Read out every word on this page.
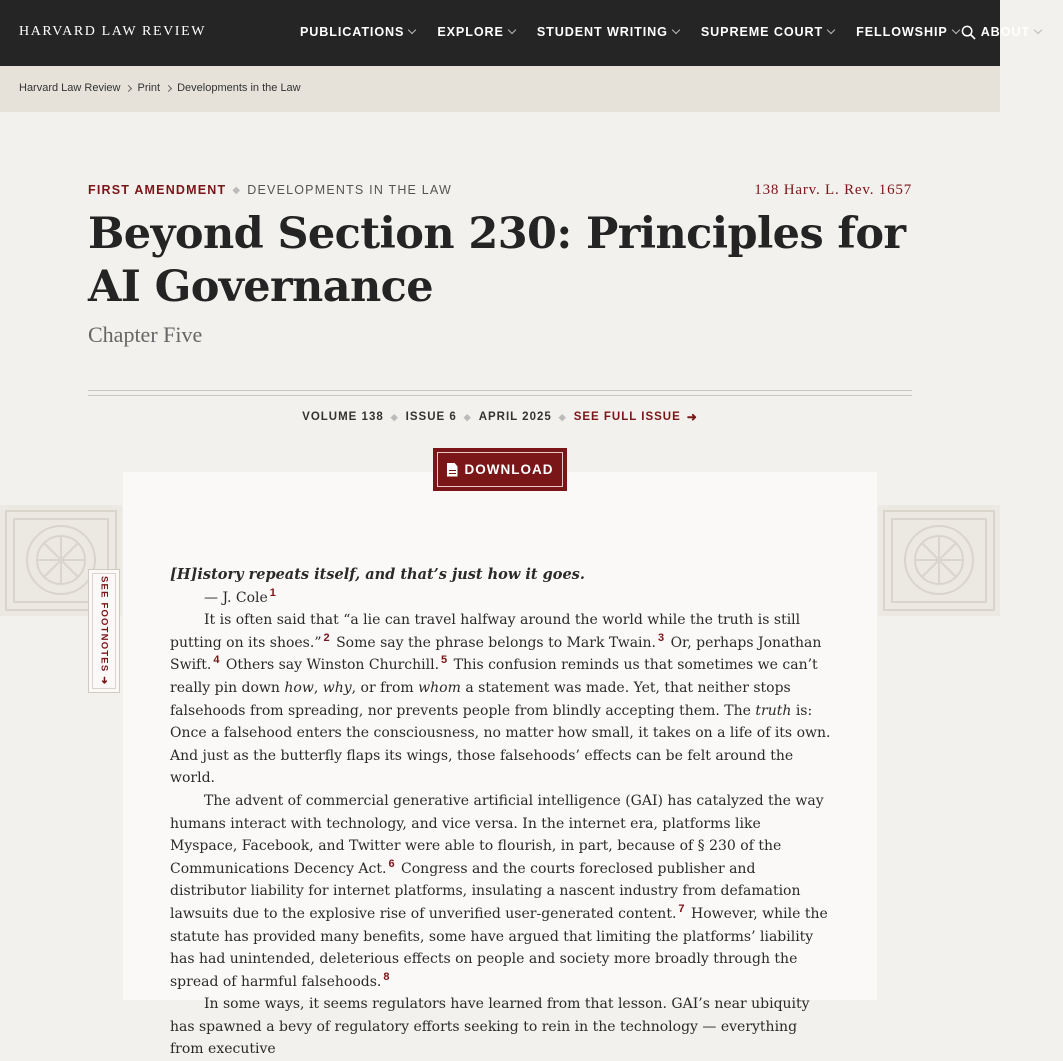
HARVARD LAW REVIEW	PUBLICATIONS	EXPLORE	STUDENT WRITING	SUPREME COURT	FELLOWSHIP	ABOUT
Harvard Law Review Print Developments in the Law
FIRST AMENDMENT ◆ DEVELOPMENTS IN THE LAW	138 Harv. L. Rev. 1657
Beyond Section 230: Principles for AI Governance
Chapter Five
VOLUME 138 ◆ ISSUE 6 ◆ APRIL 2025 ◆ SEE FULL ISSUE ➜
DOWNLOAD
SEE FOOTNOTES ➜
[H]istory repeats itself, and that’s just how it goes.
— J. Cole $^1$

It is often said that “a lie can travel halfway around the world while the truth is still putting on its shoes.” $^2$ Some say the phrase belongs to Mark Twain. $^3$ Or, perhaps Jonathan Swift. $^4$ Others say Winston Churchill. $^5$ This confusion reminds us that sometimes we can’t really pin down how, why, or from whom a statement was made. Yet, that neither stops falsehoods from spreading, nor prevents people from blindly accepting them. The truth is: Once a falsehood enters the consciousness, no matter how small, it takes on a life of its own. And just as the butterfly flaps its wings, those falsehoods’ effects can be felt around the world.

The advent of commercial generative artificial intelligence (GAI) has catalyzed the way humans interact with technology, and vice versa. In the internet era, platforms like Myspace, Facebook, and Twitter were able to flourish, in part, because of § 230 of the Communications Decency Act. $^6$ Congress and the courts foreclosed publisher and distributor liability for internet platforms, insulating a nascent industry from defamation lawsuits due to the explosive rise of unverified user-generated content. $^7$ However, while the statute has provided many benefits, some have argued that limiting the platforms’ liability has had unintended, deleterious effects on people and society more broadly through the spread of harmful falsehoods. $^8$

In some ways, it seems regulators have learned from that lesson. GAI’s near ubiquity has spawned a bevy of regulatory efforts seeking to rein in the technology — everything from executive
